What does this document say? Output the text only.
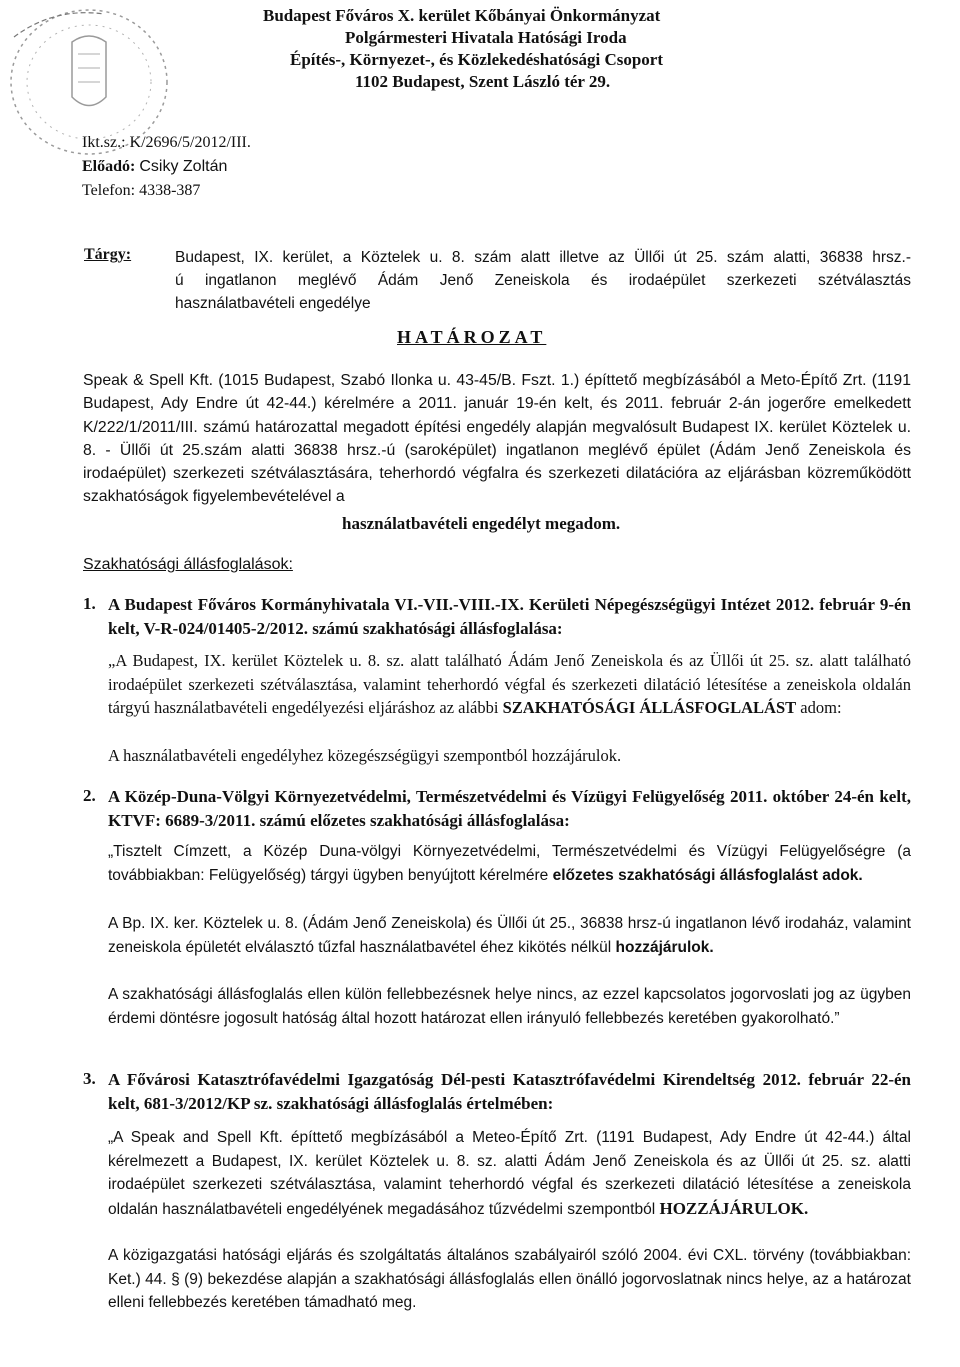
Budapest Főváros X. kerület Kőbányai Önkormányzat
Polgármesteri Hivatala Hatósági Iroda
Építés-, Környezet-, és Közlekedéshatósági Csoport
1102 Budapest, Szent László tér 29.
Ikt.sz.: K/2696/5/2012/III.
Előadó: Csiky Zoltán
Telefon: 4338-387
Tárgy:	Budapest, IX. kerület, a Köztelek u. 8. szám alatt illetve az Üllői út 25. szám alatti, 36838 hrsz.-
ú ingatlanon meglévő Ádám Jenő Zeneiskola és irodaépület szerkezeti szétválasztás
használatbavételi engedélye
HATÁROZAT
Speak & Spell Kft. (1015 Budapest, Szabó Ilonka u. 43-45/B. Fszt. 1.) építtető megbízásából a Meto-Építő Zrt. (1191 Budapest, Ady Endre út 42-44.) kérelmére a 2011. január 19-én kelt, és 2011. február 2-án jogerőre emelkedett K/222/1/2011/III. számú határozattal megadott építési engedély alapján megvalósult Budapest IX. kerület Köztelek u. 8. - Üllői út 25.szám alatti 36838 hrsz.-ú (saroképület) ingatlanon meglévő épület (Ádám Jenő Zeneiskola és irodaépület) szerkezeti szétválasztására, teherhordó végfalra és szerkezeti dilatációra az eljárásban közreműködött szakhatóságok figyelembevételével a
használatbavételi engedélyt megadom.
Szakhatósági állásfoglalások:
1. A Budapest Főváros Kormányhivatala VI.-VII.-VIII.-IX. Kerületi Népegészségügyi Intézet 2012. február 9-én kelt, V-R-024/01405-2/2012. számú szakhatósági állásfoglalása:
„A Budapest, IX. kerület Köztelek u. 8. sz. alatt található Ádám Jenő Zeneiskola és az Üllői út 25. sz. alatt található irodaépület szerkezeti szétválasztása, valamint teherhordó végfal és szerkezeti dilatáció létesítése a zeneiskola oldalán tárgyú használatbavételi engedélyezési eljáráshoz az alábbi SZAKHATÓSÁGI ÁLLÁSFOGLALÁST adom:
A használatbavételi engedélyhez közegészségügyi szempontból hozzájárulok.
2. A Közép-Duna-Völgyi Környezetvédelmi, Természetvédelmi és Vízügyi Felügyelőség 2011. október 24-én kelt, KTVF: 6689-3/2011. számú előzetes szakhatósági állásfoglalása:
„Tisztelt Címzett, a Közép Duna-völgyi Környezetvédelmi, Természetvédelmi és Vízügyi Felügyelőségre (a továbbiakban: Felügyelőség) tárgyi ügyben benyújtott kérelmére előzetes szakhatósági állásfoglalást adok.
A Bp. IX. ker. Köztelek u. 8. (Ádám Jenő Zeneiskola) és Üllői út 25., 36838 hrsz-ú ingatlanon lévő irodaház, valamint zeneiskola épületét elválasztó tűzfal használatbavétel éhez kikötés nélkül hozzájárulok.
A szakhatósági állásfoglalás ellen külön fellebbezésnek helye nincs, az ezzel kapcsolatos jogorvoslati jog az ügyben érdemi döntésre jogosult hatóság által hozott határozat ellen irányuló fellebbezés keretében gyakorolható.”
3. A Fővárosi Katasztrófavédelmi Igazgatóság Dél-pesti Katasztrófavédelmi Kirendeltség 2012. február 22-én kelt, 681-3/2012/KP sz. szakhatósági állásfoglalás értelmében:
„A Speak and Spell Kft. építtető megbízásából a Meteo-Építő Zrt. (1191 Budapest, Ady Endre út 42-44.) által kérelmezett a Budapest, IX. kerület Köztelek u. 8. sz. alatti Ádám Jenő Zeneiskola és az Üllői út 25. sz. alatti irodaépület szerkezeti szétválasztása, valamint teherhordó végfal és szerkezeti dilatáció létesítése a zeneiskola oldalán használatbavételi engedélyének megadásához tűzvédelmi szempontból HOZZÁJÁRULOK.
A közigazgatási hatósági eljárás és szolgáltatás általános szabályairól szóló 2004. évi CXL. törvény (továbbiakban: Ket.) 44. § (9) bekezdése alapján a szakhatósági állásfoglalás ellen önálló jogorvoslatnak nincs helye, az a határozat elleni fellebbezés keretében támadható meg.
